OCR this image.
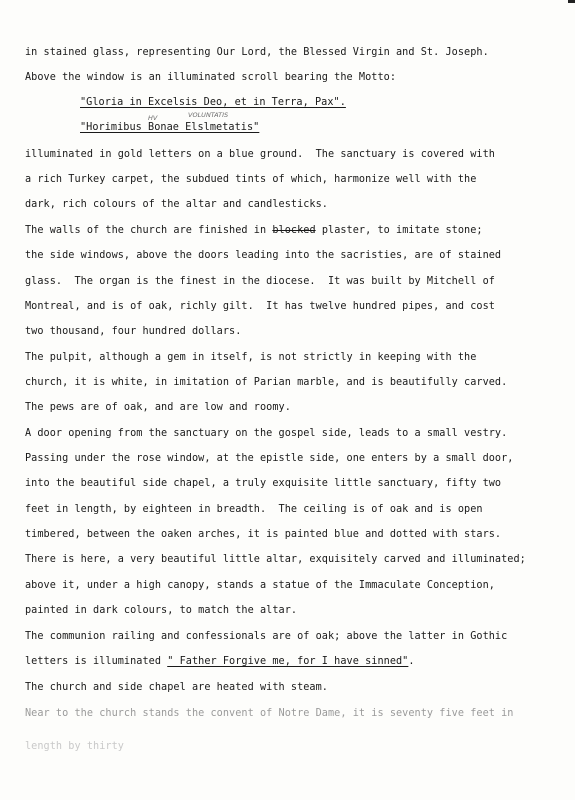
in stained glass, representing Our Lord, the Blessed Virgin and St. Joseph.
Above the window is an illuminated scroll bearing the Motto:
"Gloria in Excelsis Deo, et in Terra, Pax".
HV	VOLUNTATIS
"Horimibus Bonae Elslmetatis"
illuminated in gold letters on a blue ground.  The sanctuary is covered with
a rich Turkey carpet, the subdued tints of which, harmonize well with the
dark, rich colours of the altar and candlesticks.
The walls of the church are finished in blocked plaster, to imitate stone;
the side windows, above the doors leading into the sacristies, are of stained
glass.  The organ is the finest in the diocese.  It was built by Mitchell of
Montreal, and is of oak, richly gilt.  It has twelve hundred pipes, and cost
two thousand, four hundred dollars.
The pulpit, although a gem in itself, is not strictly in keeping with the
church, it is white, in imitation of Parian marble, and is beautifully carved.
The pews are of oak, and are low and roomy.
A door opening from the sanctuary on the gospel side, leads to a small vestry.
Passing under the rose window, at the epistle side, one enters by a small door,
into the beautiful side chapel, a truly exquisite little sanctuary, fifty two
feet in length, by eighteen in breadth.  The ceiling is of oak and is open
timbered, between the oaken arches, it is painted blue and dotted with stars.
There is here, a very beautiful little altar, exquisitely carved and illuminated;
above it, under a high canopy, stands a statue of the Immaculate Conception,
painted in dark colours, to match the altar.
The communion railing and confessionals are of oak; above the latter in Gothic
letters is illuminated " Father Forgive me, for I have sinned".
The church and side chapel are heated with steam.
Near to the church stands the convent of Notre Dame, it is seventy five feet in
length by thirty
